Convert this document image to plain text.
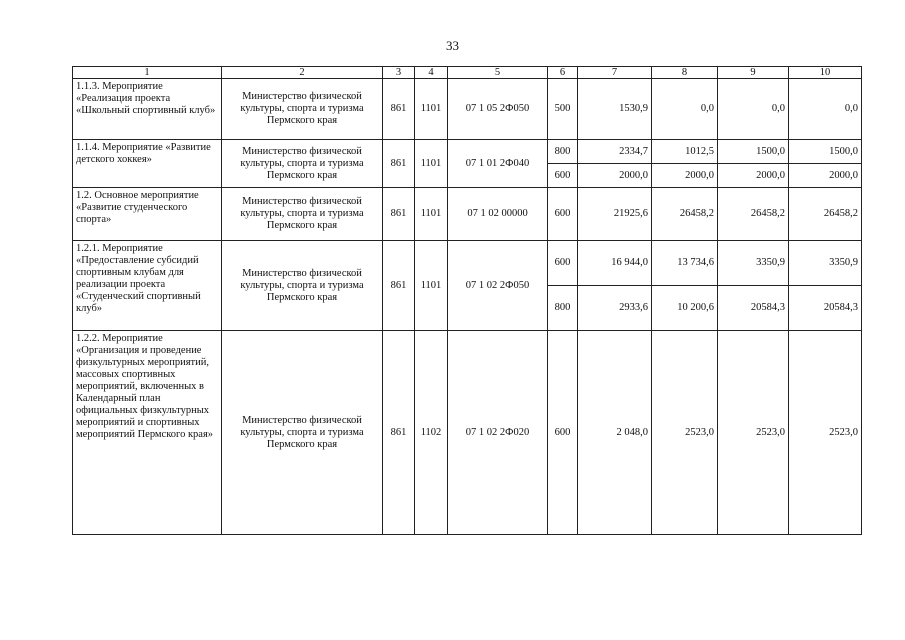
33
1	2	3	4	5	6	7	8	9	10
1.1.3. Мероприятие «Реализация проекта «Школьный спортивный клуб»	Министерство физической культуры, спорта и туризма Пермского края	861	1101	07 1 05 2Ф050	500	1530,9	0,0	0,0	0,0
1.1.4. Мероприятие «Развитие детского хоккея»	Министерство физической культуры, спорта и туризма Пермского края	861	1101	07 1 01 2Ф040	800	2334,7	1012,5	1500,0	1500,0
					600	2000,0	2000,0	2000,0	2000,0
1.2. Основное мероприятие «Развитие студенческого спорта»	Министерство физической культуры, спорта и туризма Пермского края	861	1101	07 1 02 00000	600	21925,6	26458,2	26458,2	26458,2
1.2.1. Мероприятие «Предоставление субсидий спортивным клубам для реализации проекта «Студенческий спортивный клуб»	Министерство физической культуры, спорта и туризма Пермского края	861	1101	07 1 02 2Ф050	600	16 944,0	13 734,6	3350,9	3350,9
					800	2933,6	10 200,6	20584,3	20584,3
1.2.2. Мероприятие «Организация и проведение физкультурных мероприятий, массовых спортивных мероприятий, включенных в Календарный план официальных физкультурных мероприятий и спортивных мероприятий Пермского края»	Министерство физической культуры, спорта и туризма Пермского края	861	1102	07 1 02 2Ф020	600	2 048,0	2523,0	2523,0	2523,0
